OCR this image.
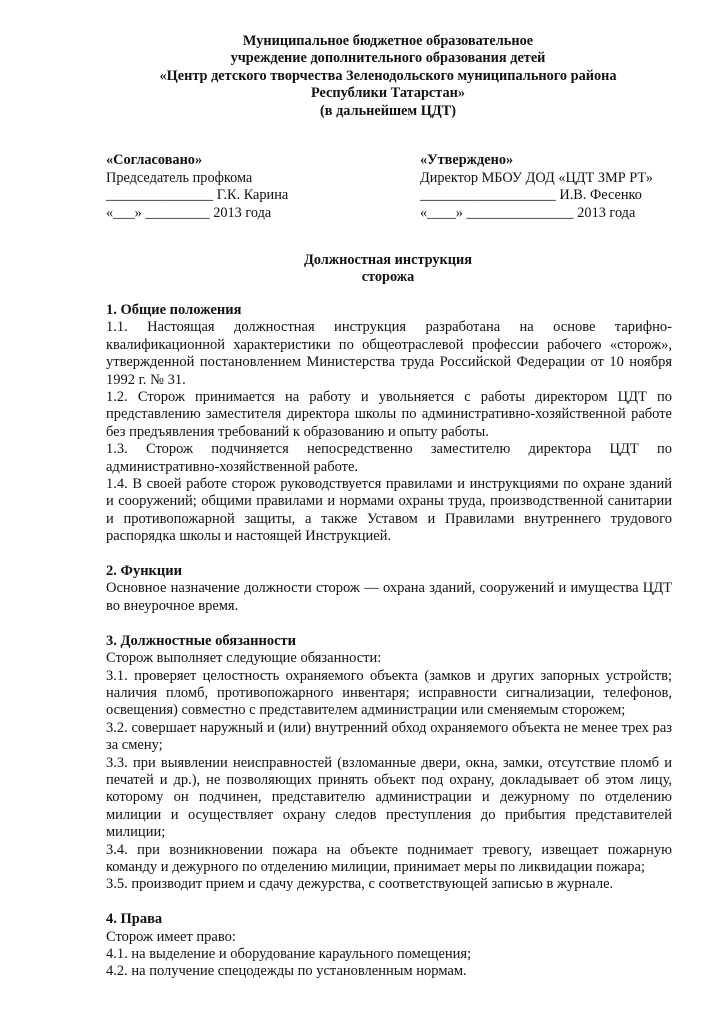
Муниципальное бюджетное образовательное
учреждение дополнительного образования детей
«Центр детского творчества Зеленодольского муниципального района
Республики Татарстан»
(в дальнейшем ЦДТ)
«Согласовано»
Председатель профкома
_______________ Г.К. Карина
«___» _________ 2013 года
«Утверждено»
Директор МБОУ ДОД «ЦДТ ЗМР РТ»
___________________ И.В. Фесенко
«____» _______________ 2013 года
Должностная инструкция
сторожа
1. Общие положения
1.1. Настоящая должностная инструкция разработана на основе тарифно-квалификационной характеристики по общеотраслевой профессии рабочего «сторож», утвержденной постановлением Министерства труда Российской Федерации от 10 ноября 1992 г. № 31.
1.2. Сторож принимается на работу и увольняется с работы директором ЦДТ по представлению заместителя директора школы по административно-хозяйственной работе без предъявления требований к образованию и опыту работы.
1.3. Сторож подчиняется непосредственно заместителю директора ЦДТ по административно-хозяйственной работе.
1.4. В своей работе сторож руководствуется правилами и инструкциями по охране зданий и сооружений; общими правилами и нормами охраны труда, производственной санитарии и противопожарной защиты, а также Уставом и Правилами внутреннего трудового распорядка школы и настоящей Инструкцией.
2. Функции
Основное назначение должности сторож — охрана зданий, сооружений и имущества ЦДТ во внеурочное время.
3. Должностные обязанности
Сторож выполняет следующие обязанности:
3.1. проверяет целостность охраняемого объекта (замков и других запорных устройств; наличия пломб, противопожарного инвентаря; исправности сигнализации, телефонов, освещения) совместно с представителем администрации или сменяемым сторожем;
3.2. совершает наружный и (или) внутренний обход охраняемого объекта не менее трех раз за смену;
3.3. при выявлении неисправностей (взломанные двери, окна, замки, отсутствие пломб и печатей и др.), не позволяющих принять объект под охрану, докладывает об этом лицу, которому он подчинен, представителю администрации и дежурному по отделению милиции и осуществляет охрану следов преступления до прибытия представителей милиции;
3.4. при возникновении пожара на объекте поднимает тревогу, извещает пожарную команду и дежурного по отделению милиции, принимает меры по ликвидации пожара;
3.5. производит прием и сдачу дежурства, с соответствующей записью в журнале.
4. Права
Сторож имеет право:
4.1. на выделение и оборудование караульного помещения;
4.2. на получение спецодежды по установленным нормам.
